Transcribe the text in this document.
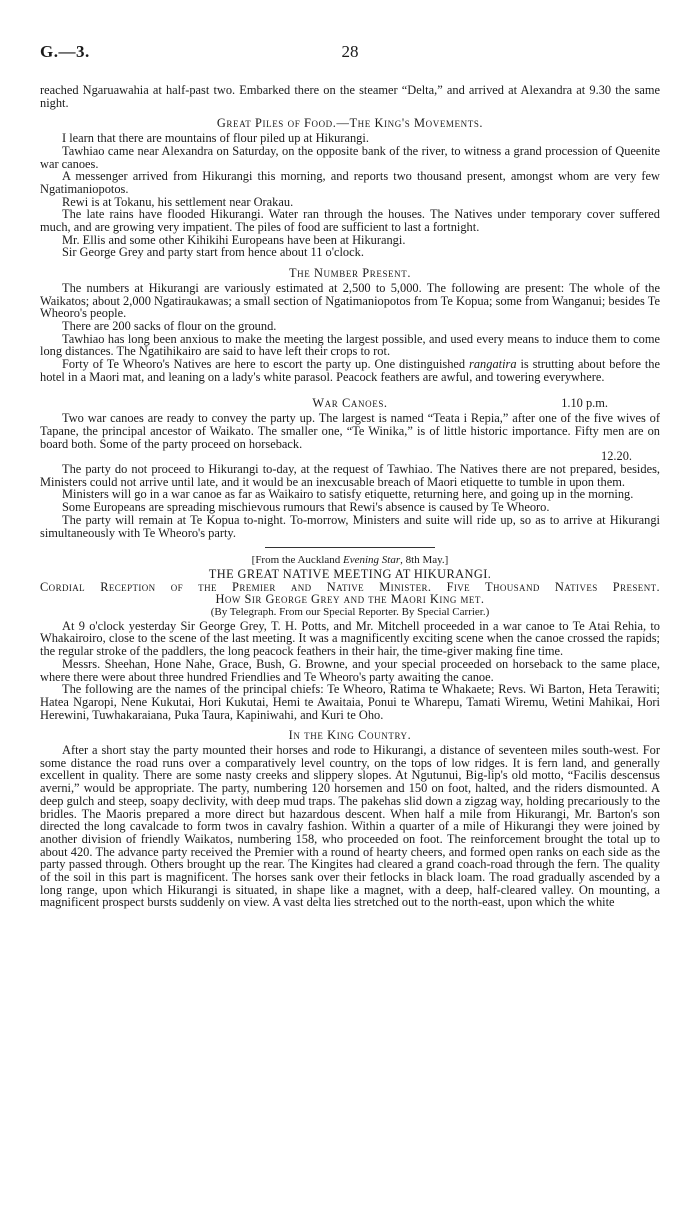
G.—3.	28

reached Ngaruawahia at half-past two. Embarked there on the steamer “Delta,” and arrived at Alexandra at 9.30 the same night.

Great Piles of Food.—The King's Movements.

I learn that there are mountains of flour piled up at Hikurangi.

Tawhiao came near Alexandra on Saturday, on the opposite bank of the river, to witness a grand procession of Queenite war canoes.

A messenger arrived from Hikurangi this morning, and reports two thousand present, amongst whom are very few Ngatimaniopotos.

Rewi is at Tokanu, his settlement near Orakau.

The late rains have flooded Hikurangi. Water ran through the houses. The Natives under temporary cover suffered much, and are growing very impatient. The piles of food are sufficient to last a fortnight.

Mr. Ellis and some other Kihikihi Europeans have been at Hikurangi.

Sir George Grey and party start from hence about 11 o'clock.

The Number Present.

The numbers at Hikurangi are variously estimated at 2,500 to 5,000. The following are present: The whole of the Waikatos; about 2,000 Ngatiraukawas; a small section of Ngatimaniopotos from Te Kopua; some from Wanganui; besides Te Wheoro's people.

There are 200 sacks of flour on the ground.

Tawhiao has long been anxious to make the meeting the largest possible, and used every means to induce them to come long distances. The Ngatihikairo are said to have left their crops to rot.

Forty of Te Wheoro's Natives are here to escort the party up. One distinguished rangatira is strutting about before the hotel in a Maori mat, and leaning on a lady's white parasol. Peacock feathers are awful, and towering everywhere.

War Canoes.	1.10 p.m.

Two war canoes are ready to convey the party up. The largest is named “Teata i Repia,” after one of the five wives of Tapane, the principal ancestor of Waikato. The smaller one, “Te Winika,” is of little historic importance. Fifty men are on board both. Some of the party proceed on horseback.

12.20.

The party do not proceed to Hikurangi to-day, at the request of Tawhiao. The Natives there are not prepared, besides, Ministers could not arrive until late, and it would be an inexcusable breach of Maori etiquette to tumble in upon them.

Ministers will go in a war canoe as far as Waikairo to satisfy etiquette, returning here, and going up in the morning.

Some Europeans are spreading mischievous rumours that Rewi's absence is caused by Te Wheoro.

The party will remain at Te Kopua to-night. To-morrow, Ministers and suite will ride up, so as to arrive at Hikurangi simultaneously with Te Wheoro's party.

[From the Auckland Evening Star, 8th May.]
THE GREAT NATIVE MEETING AT HIKURANGI.
Cordial Reception of the Premier and Native Minister. Five Thousand Natives Present.
How Sir George Grey and the Maori King met.
(By Telegraph. From our Special Reporter. By Special Carrier.)

At 9 o'clock yesterday Sir George Grey, T. H. Potts, and Mr. Mitchell proceeded in a war canoe to Te Atai Rehia, to Whakairoiro, close to the scene of the last meeting. It was a magnificently exciting scene when the canoe crossed the rapids; the regular stroke of the paddlers, the long peacock feathers in their hair, the time-giver making fine time.

Messrs. Sheehan, Hone Nahe, Grace, Bush, G. Browne, and your special proceeded on horseback to the same place, where there were about three hundred Friendlies and Te Wheoro's party awaiting the canoe.

The following are the names of the principal chiefs: Te Wheoro, Ratima te Whakaete; Revs. Wi Barton, Heta Terawiti; Hatea Ngaropi, Nene Kukutai, Hori Kukutai, Hemi te Awaitaia, Ponui te Wharepu, Tamati Wiremu, Wetini Mahikai, Hori Herewini, Tuwhakaraiana, Puka Taura, Kapiniwahi, and Kuri te Oho.

In the King Country.

After a short stay the party mounted their horses and rode to Hikurangi, a distance of seventeen miles south-west. For some distance the road runs over a comparatively level country, on the tops of low ridges. It is fern land, and generally excellent in quality. There are some nasty creeks and slippery slopes. At Ngutunui, Big-lip's old motto, “Facilis descensus averni,” would be appropriate. The party, numbering 120 horsemen and 150 on foot, halted, and the riders dismounted. A deep gulch and steep, soapy declivity, with deep mud traps. The pakehas slid down a zigzag way, holding precariously to the bridles. The Maoris prepared a more direct but hazardous descent. When half a mile from Hikurangi, Mr. Barton's son directed the long cavalcade to form twos in cavalry fashion. Within a quarter of a mile of Hikurangi they were joined by another division of friendly Waikatos, numbering 158, who proceeded on foot. The reinforcement brought the total up to about 420. The advance party received the Premier with a round of hearty cheers, and formed open ranks on each side as the party passed through. Others brought up the rear. The Kingites had cleared a grand coach-road through the fern. The quality of the soil in this part is magnificent. The horses sank over their fetlocks in black loam. The road gradually ascended by a long range, upon which Hikurangi is situated, in shape like a magnet, with a deep, half-cleared valley. On mounting, a magnificent prospect bursts suddenly on view. A vast delta lies stretched out to the north-east, upon which the white
